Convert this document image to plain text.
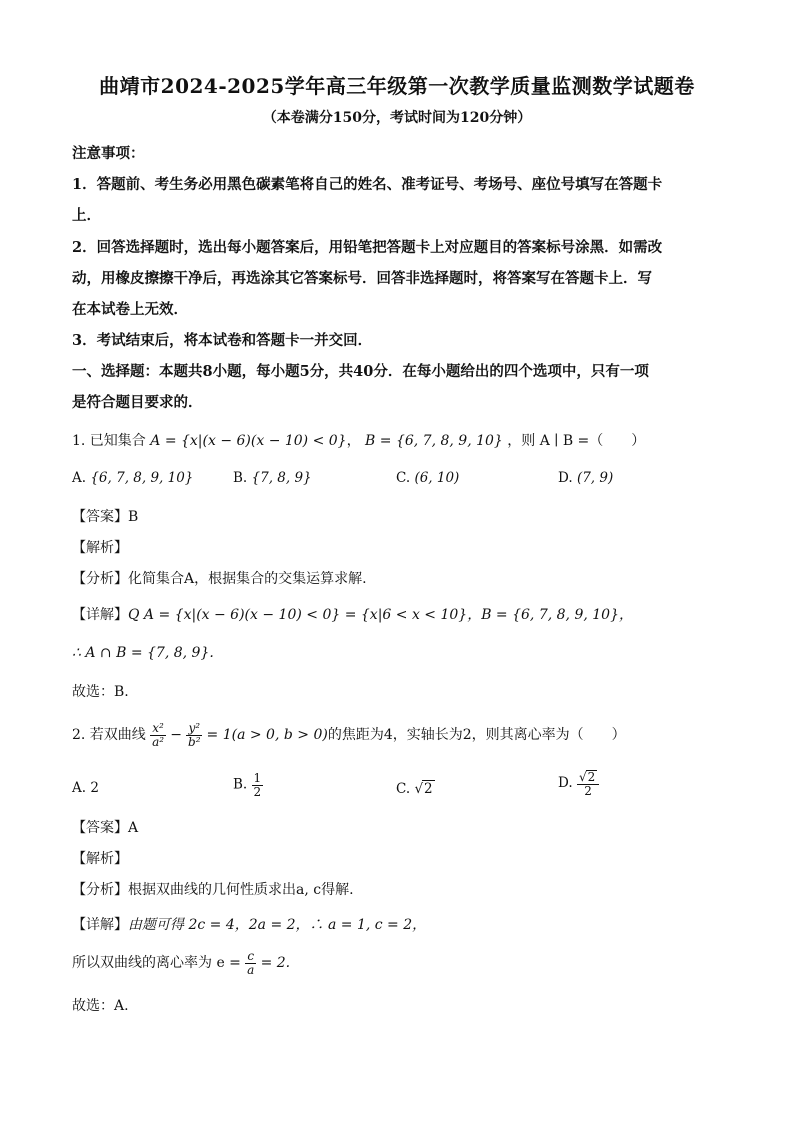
曲靖市2024-2025学年高三年级第一次教学质量监测数学试题卷
（本卷满分150分，考试时间为120分钟）
注意事项：
1．答题前、考生务必用黑色碳素笔将自己的姓名、准考证号、考场号、座位号填写在答题卡
上．
2．回答选择题时，选出每小题答案后，用铅笔把答题卡上对应题目的答案标号涂黑．如需改
动，用橡皮擦擦干净后，再选涂其它答案标号．回答非选择题时，将答案写在答题卡上．写
在本试卷上无效．
3．考试结束后，将本试卷和答题卡一并交回．
一、选择题：本题共8小题，每小题5分，共40分．在每小题给出的四个选项中，只有一项
是符合题目要求的．
1. 已知集合 A = {x|(x − 6)(x − 10) < 0}， B = {6, 7, 8, 9, 10} ，则 A ∣ B =（　　）
A. {6, 7, 8, 9, 10}	B. {7, 8, 9}	C. (6, 10)	D. (7, 9)
【答案】B
【解析】
【分析】化简集合A，根据集合的交集运算求解.
【详解】Q A = {x|(x − 6)(x − 10) < 0} = {x|6 < x < 10}，B = {6, 7, 8, 9, 10}，
∴ A ∩ B = {7, 8, 9}.
故选：B.
2. 若双曲线 $\frac{\text{x²}}{\text{a²}} - \frac{\text{y²}}{\text{b²}} = 1(a > 0$, b > 0)的焦距为4，实轴长为2，则其离心率为（　　）
A. 2	B. $\frac{1}{2}$	C. √2	D. $\frac{√2}{2}$
【答案】A
【解析】
【分析】根据双曲线的几何性质求出a, c得解.
【详解】由题可得 2c = 4，2a = 2，∴ a = 1, c = 2，
所以双曲线的离心率为 $e = \frac{c}{a} = 2$.
故选：A.
